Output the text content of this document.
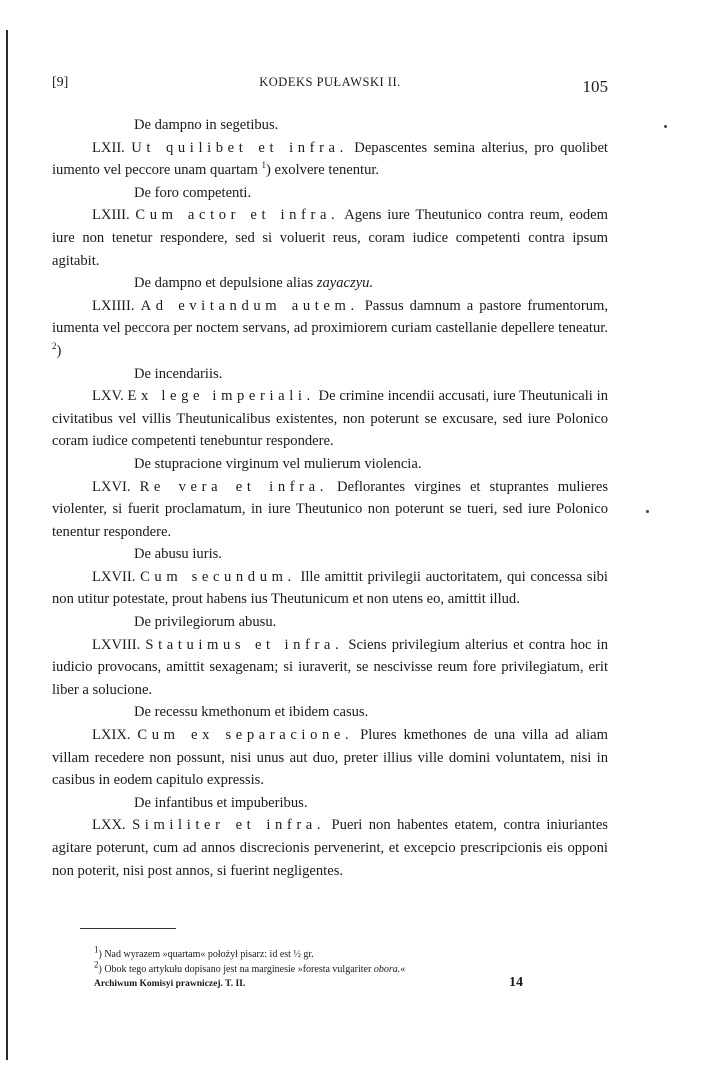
[9]	KODEKS PUŁAWSKI II.	105
De dampno in segetibus.
LXII. Ut quilibet et infra. Depascentes semina alterius, pro quolibet iumento vel peccore unam quartam $^1$) exolvere tenentur.
De foro competenti.
LXIII. Cum actor et infra. Agens iure Theutunico contra reum, eodem iure non tenetur respondere, sed si voluerit reus, coram iudice competenti contra ipsum agitabit.
De dampno et depulsione alias zayaczyu.
LXIIII. Ad evitandum autem. Passus damnum a pastore frumentorum, iumenta vel peccora per noctem servans, ad proximiorem curiam castellanie depellere teneatur. $^2$)
De incendariis.
LXV. Ex lege imperiali. De crimine incendii accusati, iure Theutunicali in civitatibus vel villis Theutunicalibus existentes, non poterunt se excusare, sed iure Polonico coram iudice competenti tenebuntur respondere.
De stupracione virginum vel mulierum violencia.
LXVI. Re vera et infra. Deflorantes virgines et stuprantes mulieres violenter, si fuerit proclamatum, in iure Theutunico non poterunt se tueri, sed iure Polonico tenentur respondere.
De abusu iuris.
LXVII. Cum secundum. Ille amittit privilegii auctoritatem, qui concessa sibi non utitur potestate, prout habens ius Theutunicum et non utens eo, amittit illud.
De privilegiorum abusu.
LXVIII. Statuimus et infra. Sciens privilegium alterius et contra hoc in iudicio provocans, amittit sexagenam; si iuraverit, se nescivisse reum fore privilegiatum, erit liber a solucione.
De recessu kmethonum et ibidem casus.
LXIX. Cum ex separacione. Plures kmethones de una villa ad aliam villam recedere non possunt, nisi unus aut duo, preter illius ville domini voluntatem, nisi in casibus in eodem capitulo expressis.
De infantibus et impuberibus.
LXX. Similiter et infra. Pueri non habentes etatem, contra iniuriantes agitare poterunt, cum ad annos discrecionis pervenerint, et excepcio prescripcionis eis opponi non poterit, nisi post annos, si fuerint negligentes.

$^1$) Nad wyrazem »quartam« położył pisarz: id est ½ gr.

$^2$) Obok tego artykułu dopisano jest na marginesie »foresta vulgariter obora.«

Archiwum Komisyi prawniczej. T. II.	14
